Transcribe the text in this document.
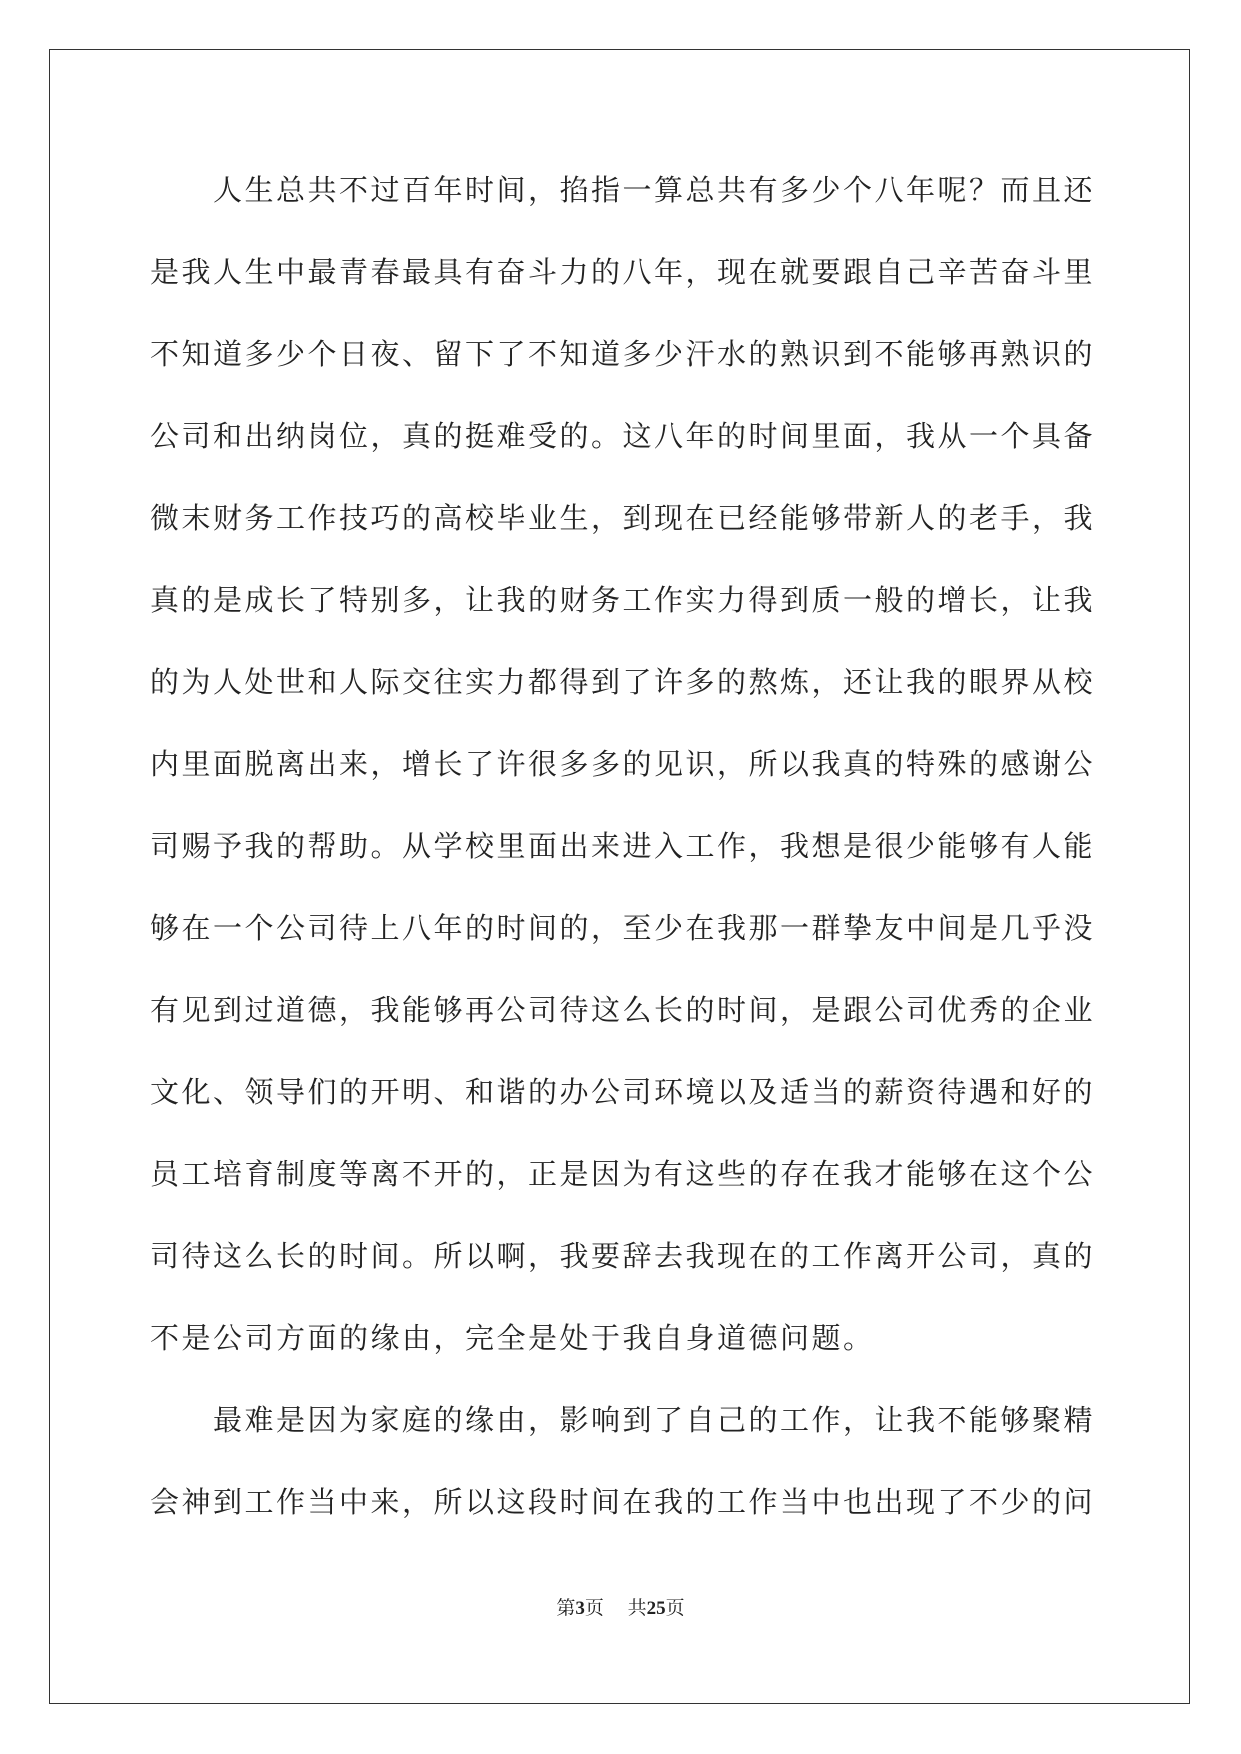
人生总共不过百年时间，掐指一算总共有多少个八年呢？而且还
是我人生中最青春最具有奋斗力的八年，现在就要跟自己辛苦奋斗里
不知道多少个日夜、留下了不知道多少汗水的熟识到不能够再熟识的
公司和出纳岗位，真的挺难受的。这八年的时间里面，我从一个具备
微末财务工作技巧的高校毕业生，到现在已经能够带新人的老手，我
真的是成长了特别多，让我的财务工作实力得到质一般的增长，让我
的为人处世和人际交往实力都得到了许多的熬炼，还让我的眼界从校
内里面脱离出来，增长了许很多多的见识，所以我真的特殊的感谢公
司赐予我的帮助。从学校里面出来进入工作，我想是很少能够有人能
够在一个公司待上八年的时间的，至少在我那一群挚友中间是几乎没
有见到过道德，我能够再公司待这么长的时间，是跟公司优秀的企业
文化、领导们的开明、和谐的办公司环境以及适当的薪资待遇和好的
员工培育制度等离不开的，正是因为有这些的存在我才能够在这个公
司待这么长的时间。所以啊，我要辞去我现在的工作离开公司，真的
不是公司方面的缘由，完全是处于我自身道德问题。
最难是因为家庭的缘由，影响到了自己的工作，让我不能够聚精
会神到工作当中来，所以这段时间在我的工作当中也出现了不少的问
第3页 共25页
